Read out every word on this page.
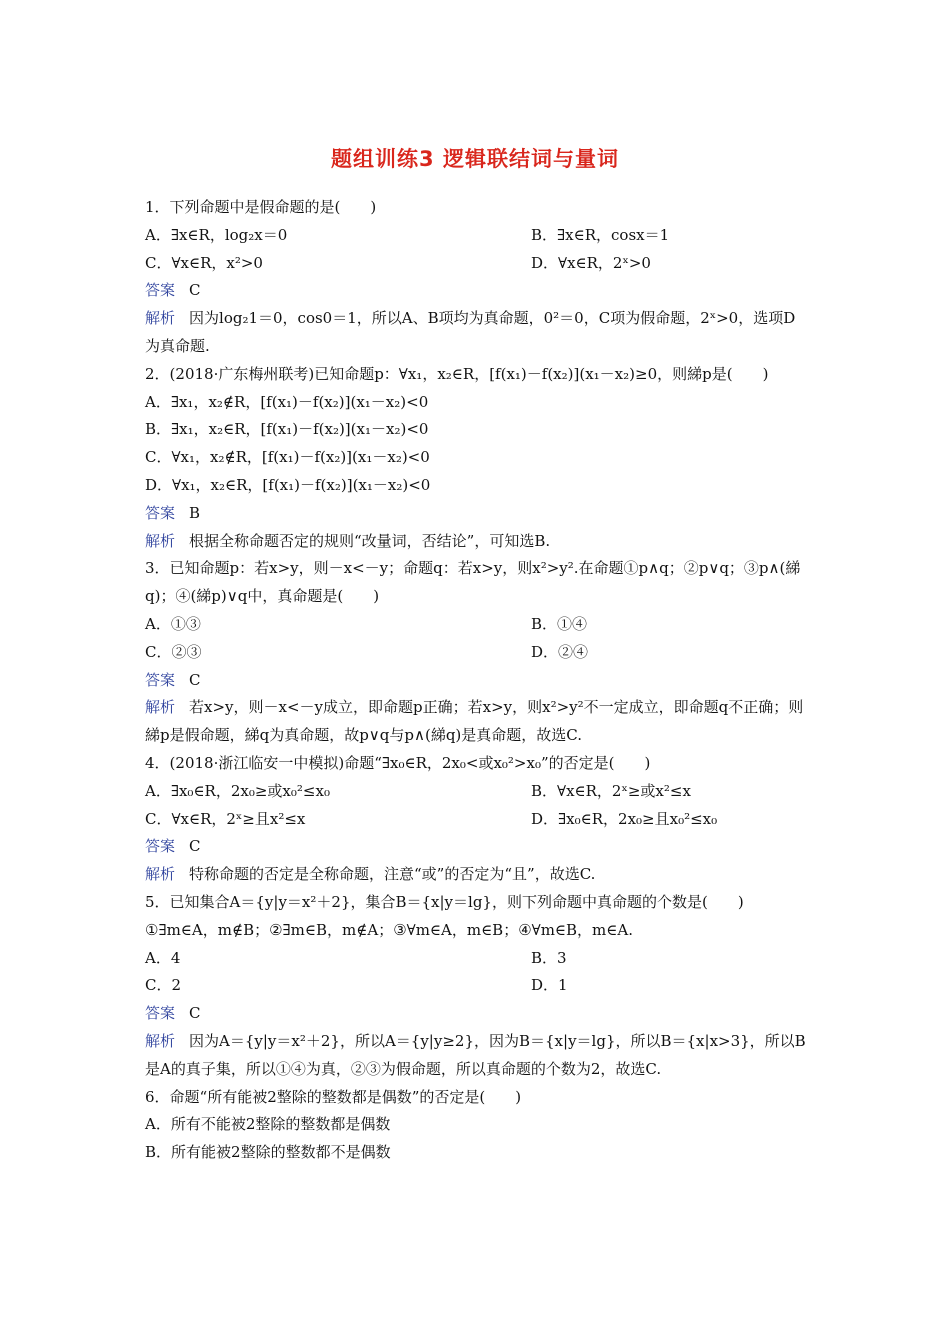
题组训练3 逻辑联结词与量词
1．下列命题中是假命题的是(　　)
A．∃x∈R，log₂x＝0	B．∃x∈R，cosx＝1
C．∀x∈R，x²>0	D．∀x∈R，2ˣ>0
答案 C
解析 因为log₂1＝0，cos0＝1，所以A、B项均为真命题，0²＝0，C项为假命题，2ˣ>0，选项D为真命题.
2．(2018·广东梅州联考)已知命题p：∀x₁，x₂∈R，[f(x₁)－f(x₂)](x₁－x₂)≥0，则綈p是(　　)
A．∃x₁，x₂∉R，[f(x₁)－f(x₂)](x₁－x₂)<0
B．∃x₁，x₂∈R，[f(x₁)－f(x₂)](x₁－x₂)<0
C．∀x₁，x₂∉R，[f(x₁)－f(x₂)](x₁－x₂)<0
D．∀x₁，x₂∈R，[f(x₁)－f(x₂)](x₁－x₂)<0
答案 B
解析 根据全称命题否定的规则“改量词，否结论”，可知选B.
3．已知命题p：若x>y，则－x<－y；命题q：若x>y，则x²>y².在命题①p∧q；②p∨q；③p∧(綈q)；④(綈p)∨q中，真命题是(　　)
A．①③	B．①④
C．②③	D．②④
答案 C
解析 若x>y，则－x<－y成立，即命题p正确；若x>y，则x²>y²不一定成立，即命题q不正确；则綈p是假命题，綈q为真命题，故p∨q与p∧(綈q)是真命题，故选C.
4．(2018·浙江临安一中模拟)命题“∃x₀∈R，2x₀<或x₀²>x₀”的否定是(　　)
A．∃x₀∈R，2x₀≥或x₀²≤x₀	B．∀x∈R，2ˣ≥或x²≤x
C．∀x∈R，2ˣ≥且x²≤x	D．∃x₀∈R，2x₀≥且x₀²≤x₀
答案 C
解析 特称命题的否定是全称命题，注意“或”的否定为“且”，故选C.
5．已知集合A＝{y|y＝x²＋2}，集合B＝{x|y＝lg}，则下列命题中真命题的个数是(　　)
①∃m∈A，m∉B；②∃m∈B，m∉A；③∀m∈A，m∈B；④∀m∈B，m∈A.
A．4	B．3
C．2	D．1
答案 C
解析 因为A＝{y|y＝x²＋2}，所以A＝{y|y≥2}，因为B＝{x|y＝lg}，所以B＝{x|x>3}，所以B是A的真子集，所以①④为真，②③为假命题，所以真命题的个数为2，故选C.
6．命题“所有能被2整除的整数都是偶数”的否定是(　　)
A．所有不能被2整除的整数都是偶数
B．所有能被2整除的整数都不是偶数
